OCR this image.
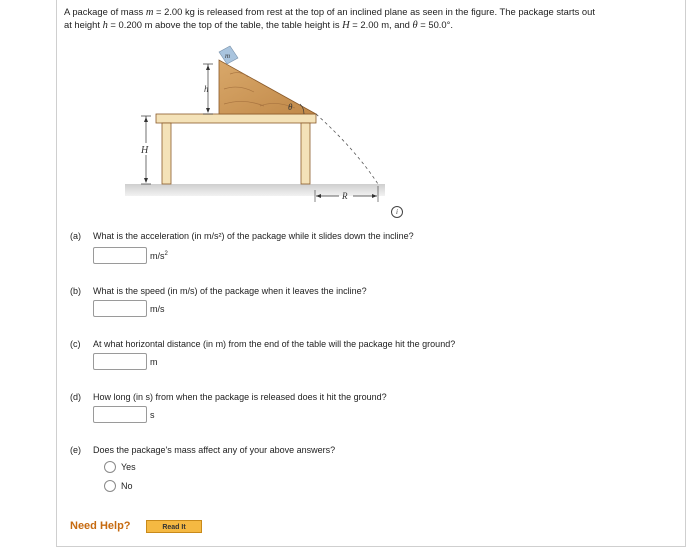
A package of mass m = 2.00 kg is released from rest at the top of an inclined plane as seen in the figure. The package starts out
at height h = 0.200 m above the top of the table, the table height is H = 2.00 m, and θ = 50.0°.
m
h
H
θ
R
i
(a) What is the acceleration (in m/s²) of the package while it slides down the incline?
$m/s^2$
(b) What is the speed (in m/s) of the package when it leaves the incline?
m/s
(c) At what horizontal distance (in m) from the end of the table will the package hit the ground?
m
(d) How long (in s) from when the package is released does it hit the ground?
s
(e) Does the package's mass affect any of your above answers?
Yes
No
Need Help?	Read It
